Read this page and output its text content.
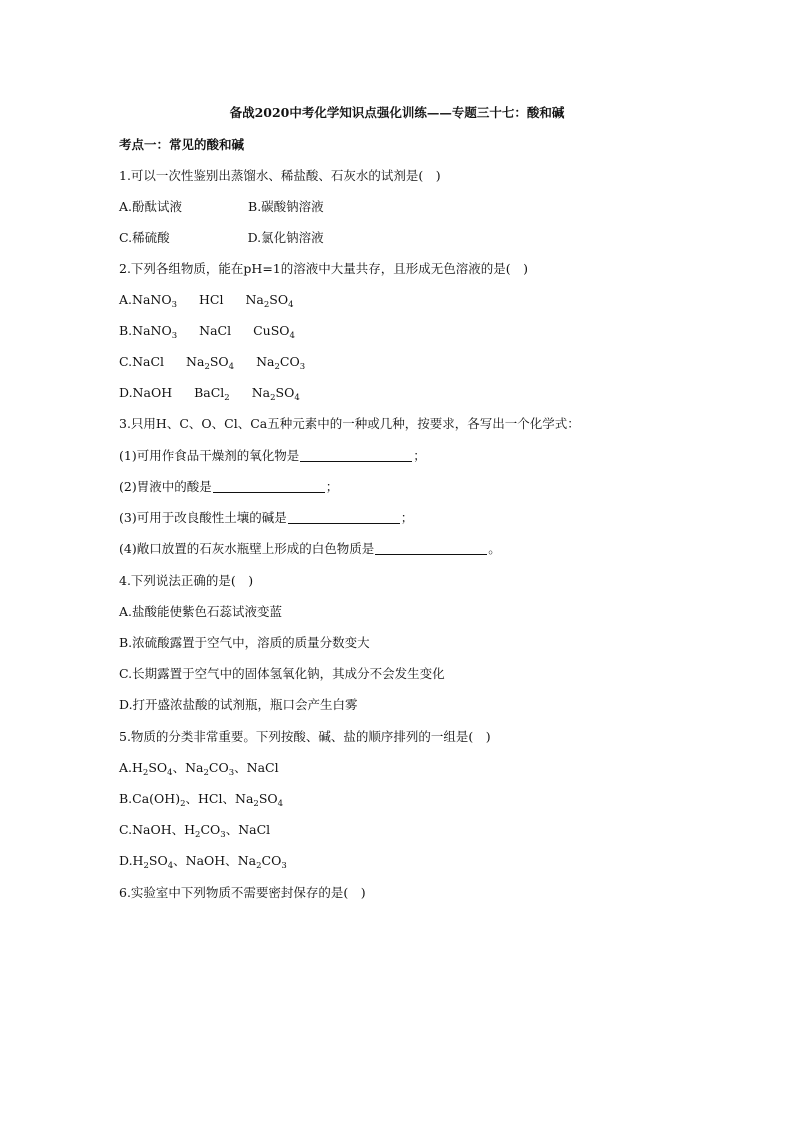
备战2020中考化学知识点强化训练——专题三十七：酸和碱
考点一：常见的酸和碱
1.可以一次性鉴别出蒸馏水、稀盐酸、石灰水的试剂是(　)
A.酚酞试液	B.碳酸钠溶液
C.稀硫酸	D.氯化钠溶液
2.下列各组物质，能在pH=1的溶液中大量共存，且形成无色溶液的是(　)
A.NaNO$_3$ HCl $Na_2SO_4$
B.NaNO$_3$ NaCl CuSO$_4$
C.NaCl $Na_2SO_4$ $Na_2CO_3$
D.NaOH BaCl$_2$ $Na_2SO_4$
3.只用H、C、O、Cl、Ca五种元素中的一种或几种，按要求，各写出一个化学式：
(1)可用作食品干燥剂的氧化物是	；
(2)胃液中的酸是	；
(3)可用于改良酸性土壤的碱是	；
(4)敞口放置的石灰水瓶壁上形成的白色物质是	。
4.下列说法正确的是(　)
A.盐酸能使紫色石蕊试液变蓝
B.浓硫酸露置于空气中，溶质的质量分数变大
C.长期露置于空气中的固体氢氧化钠，其成分不会发生变化
D.打开盛浓盐酸的试剂瓶，瓶口会产生白雾
5.物质的分类非常重要。下列按酸、碱、盐的顺序排列的一组是(　)
$A.H_2SO_4$、$Na_2CO_3$、NaCl
$B.Ca(OH)_2$、HCl、$Na_2SO_4$
C.NaOH、$H_2CO_3$、NaCl
$D.H_2SO_4$、NaOH、$Na_2CO_3$
6.实验室中下列物质不需要密封保存的是(　)
